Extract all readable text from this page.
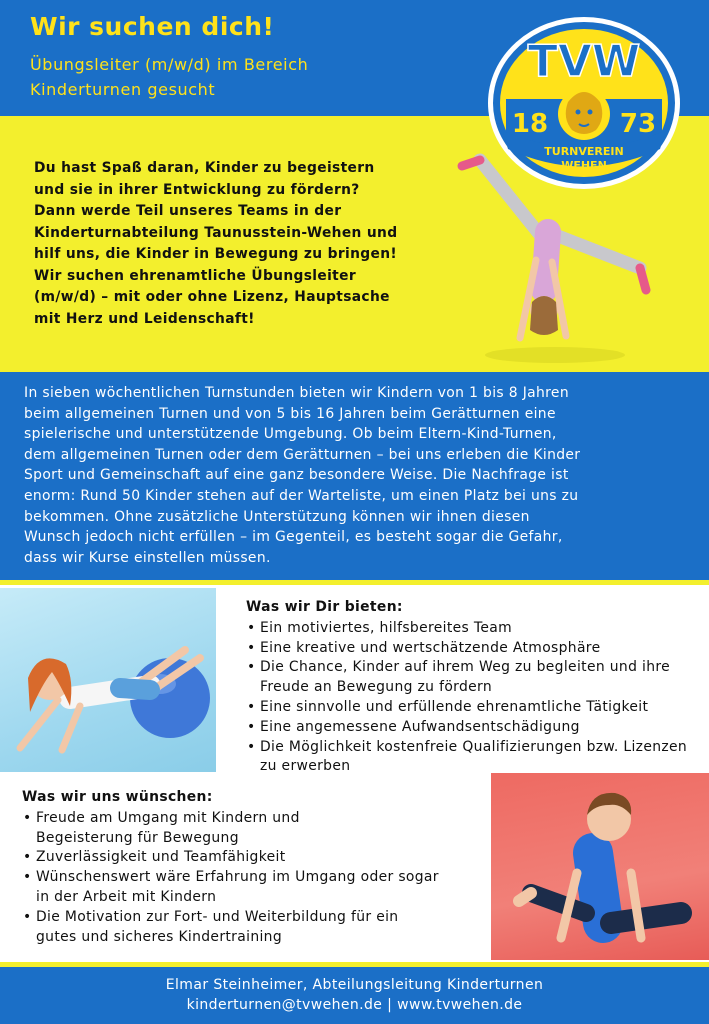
Wir suchen dich!
Übungsleiter (m/w/d) im Bereich
Kinderturnen gesucht
Du hast Spaß daran, Kinder zu begeistern
und sie in ihrer Entwicklung zu fördern?
Dann werde Teil unseres Teams in der
Kinderturnabteilung Taunusstein-Wehen und
hilf uns, die Kinder in Bewegung zu bringen!
Wir suchen ehrenamtliche Übungsleiter
(m/w/d) – mit oder ohne Lizenz, Hauptsache
mit Herz und Leidenschaft!
TVW
18	73
TURNVEREIN
WEHEN
In sieben wöchentlichen Turnstunden bieten wir Kindern von 1 bis 8 Jahren
beim allgemeinen Turnen und von 5 bis 16 Jahren beim Gerätturnen eine
spielerische und unterstützende Umgebung. Ob beim Eltern-Kind-Turnen,
dem allgemeinen Turnen oder dem Gerätturnen – bei uns erleben die Kinder
Sport und Gemeinschaft auf eine ganz besondere Weise. Die Nachfrage ist
enorm: Rund 50 Kinder stehen auf der Warteliste, um einen Platz bei uns zu
bekommen. Ohne zusätzliche Unterstützung können wir ihnen diesen
Wunsch jedoch nicht erfüllen – im Gegenteil, es besteht sogar die Gefahr,
dass wir Kurse einstellen müssen.
Was wir Dir bieten:
• Ein motiviertes, hilfsbereites Team
• Eine kreative und wertschätzende Atmosphäre
• Die Chance, Kinder auf ihrem Weg zu begleiten und ihre Freude an Bewegung zu fördern
• Eine sinnvolle und erfüllende ehrenamtliche Tätigkeit
• Eine angemessene Aufwandsentschädigung
• Die Möglichkeit kostenfreie Qualifizierungen bzw. Lizenzen zu erwerben
Was wir uns wünschen:
• Freude am Umgang mit Kindern und Begeisterung für Bewegung
• Zuverlässigkeit und Teamfähigkeit
• Wünschenswert wäre Erfahrung im Umgang oder sogar in der Arbeit mit Kindern
• Die Motivation zur Fort- und Weiterbildung für ein gutes und sicheres Kindertraining
Elmar Steinheimer, Abteilungsleitung Kinderturnen
kinderturnen@tvwehen.de | www.tvwehen.de
